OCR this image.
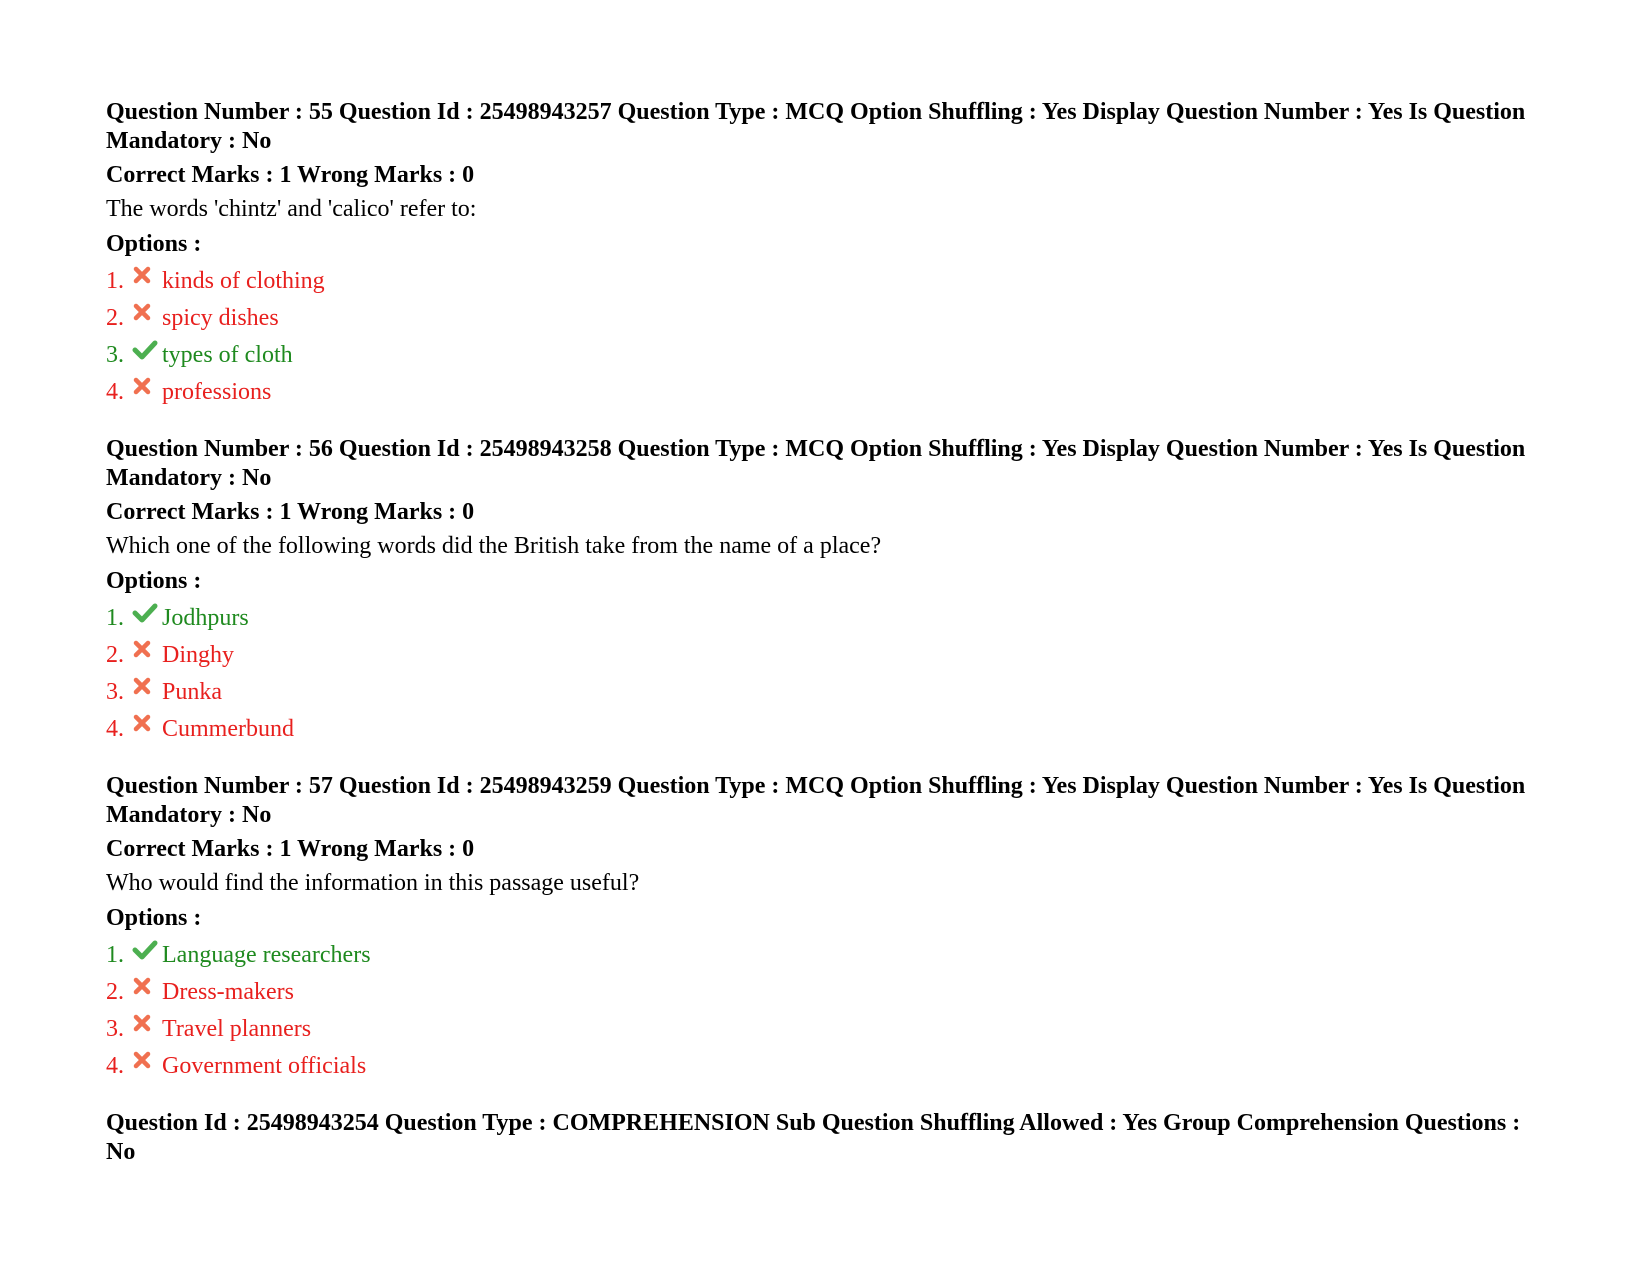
Question Number : 55 Question Id : 25498943257 Question Type : MCQ Option Shuffling : Yes Display Question Number : Yes Is Question Mandatory : No

Correct Marks : 1 Wrong Marks : 0
The words 'chintz' and 'calico' refer to:
Options :
1.	kinds of clothing
2.	spicy dishes
3.	types of cloth
4.	professions

Question Number : 56 Question Id : 25498943258 Question Type : MCQ Option Shuffling : Yes Display Question Number : Yes Is Question Mandatory : No

Correct Marks : 1 Wrong Marks : 0
Which one of the following words did the British take from the name of a place?
Options :
1.	Jodhpurs
2.	Dinghy
3.	Punka
4.	Cummerbund

Question Number : 57 Question Id : 25498943259 Question Type : MCQ Option Shuffling : Yes Display Question Number : Yes Is Question Mandatory : No

Correct Marks : 1 Wrong Marks : 0
Who would find the information in this passage useful?
Options :
1.	Language researchers
2.	Dress-makers
3.	Travel planners
4.	Government officials
Question Id : 25498943254 Question Type : COMPREHENSION Sub Question Shuffling Allowed : Yes Group Comprehension Questions : No
